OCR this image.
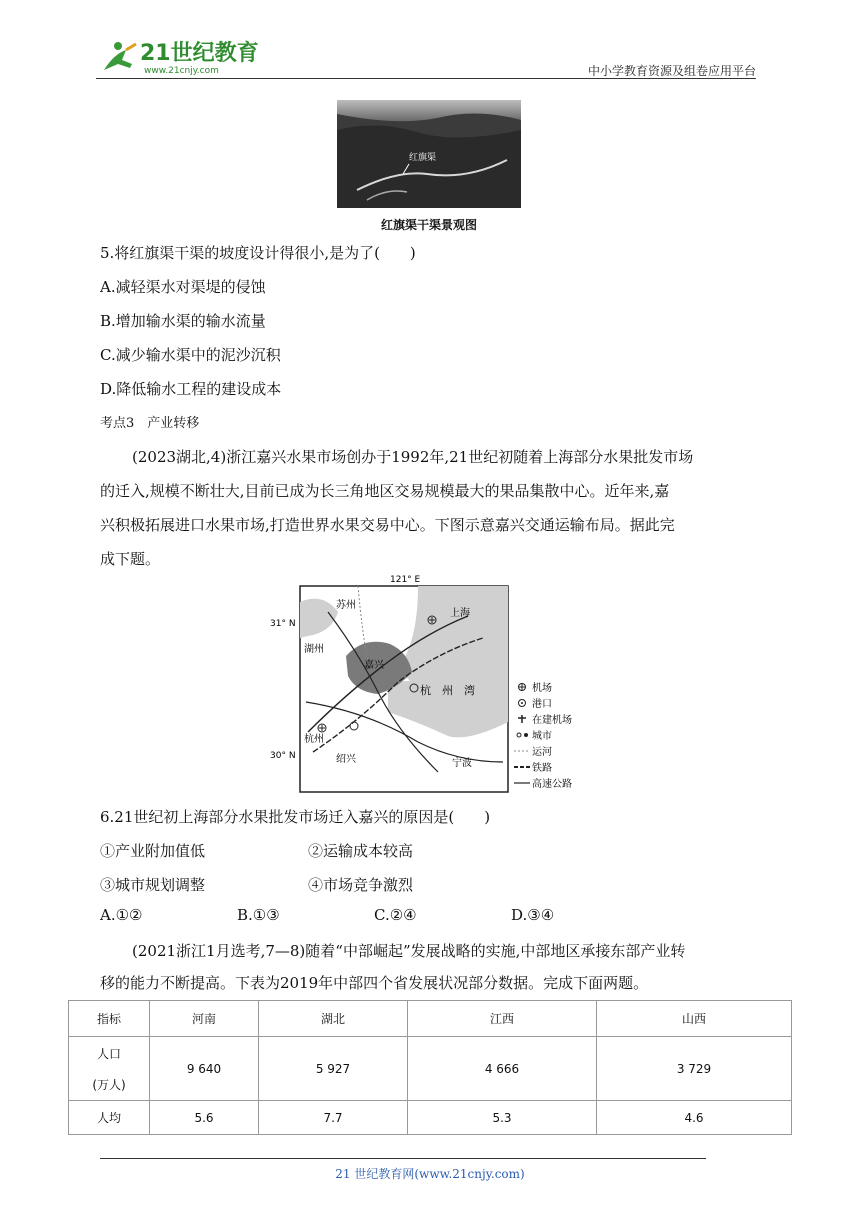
21世纪教育
www.21cnjy.com	中小学教育资源及组卷应用平台
红旗渠
红旗渠干渠景观图
5.将红旗渠干渠的坡度设计得很小,是为了(　　)
A.减轻渠水对渠堤的侵蚀
B.增加输水渠的输水流量
C.减少输水渠中的泥沙沉积
D.降低输水工程的建设成本
考点3　产业转移
(2023湖北,4)浙江嘉兴水果市场创办于1992年,21世纪初随着上海部分水果批发市场
的迁入,规模不断壮大,目前已成为长三角地区交易规模最大的果品集散中心。近年来,嘉
兴积极拓展进口水果市场,打造世界水果交易中心。下图示意嘉兴交通运输布局。据此完
成下题。
121° E
31° N
30° N
苏州
上海
湖州
嘉兴
杭　州　湾
杭州
绍兴	宁波
机场
港口
在建机场
城市
运河
铁路
高速公路
6.21世纪初上海部分水果批发市场迁入嘉兴的原因是(　　)
①产业附加值低	②运输成本较高
③城市规划调整	④市场竞争激烈
A.①②	B.①③	C.②④	D.③④
(2021浙江1月选考,7—8)随着“中部崛起”发展战略的实施,中部地区承接东部产业转
移的能力不断提高。下表为2019年中部四个省发展状况部分数据。完成下面两题。
指标	河南	湖北	江西	山西

人口
(万人)	9 640	5 927	4 666	3 729
人均	5.6	7.7	5.3	4.6
21 世纪教育网(www.21cnjy.com)
